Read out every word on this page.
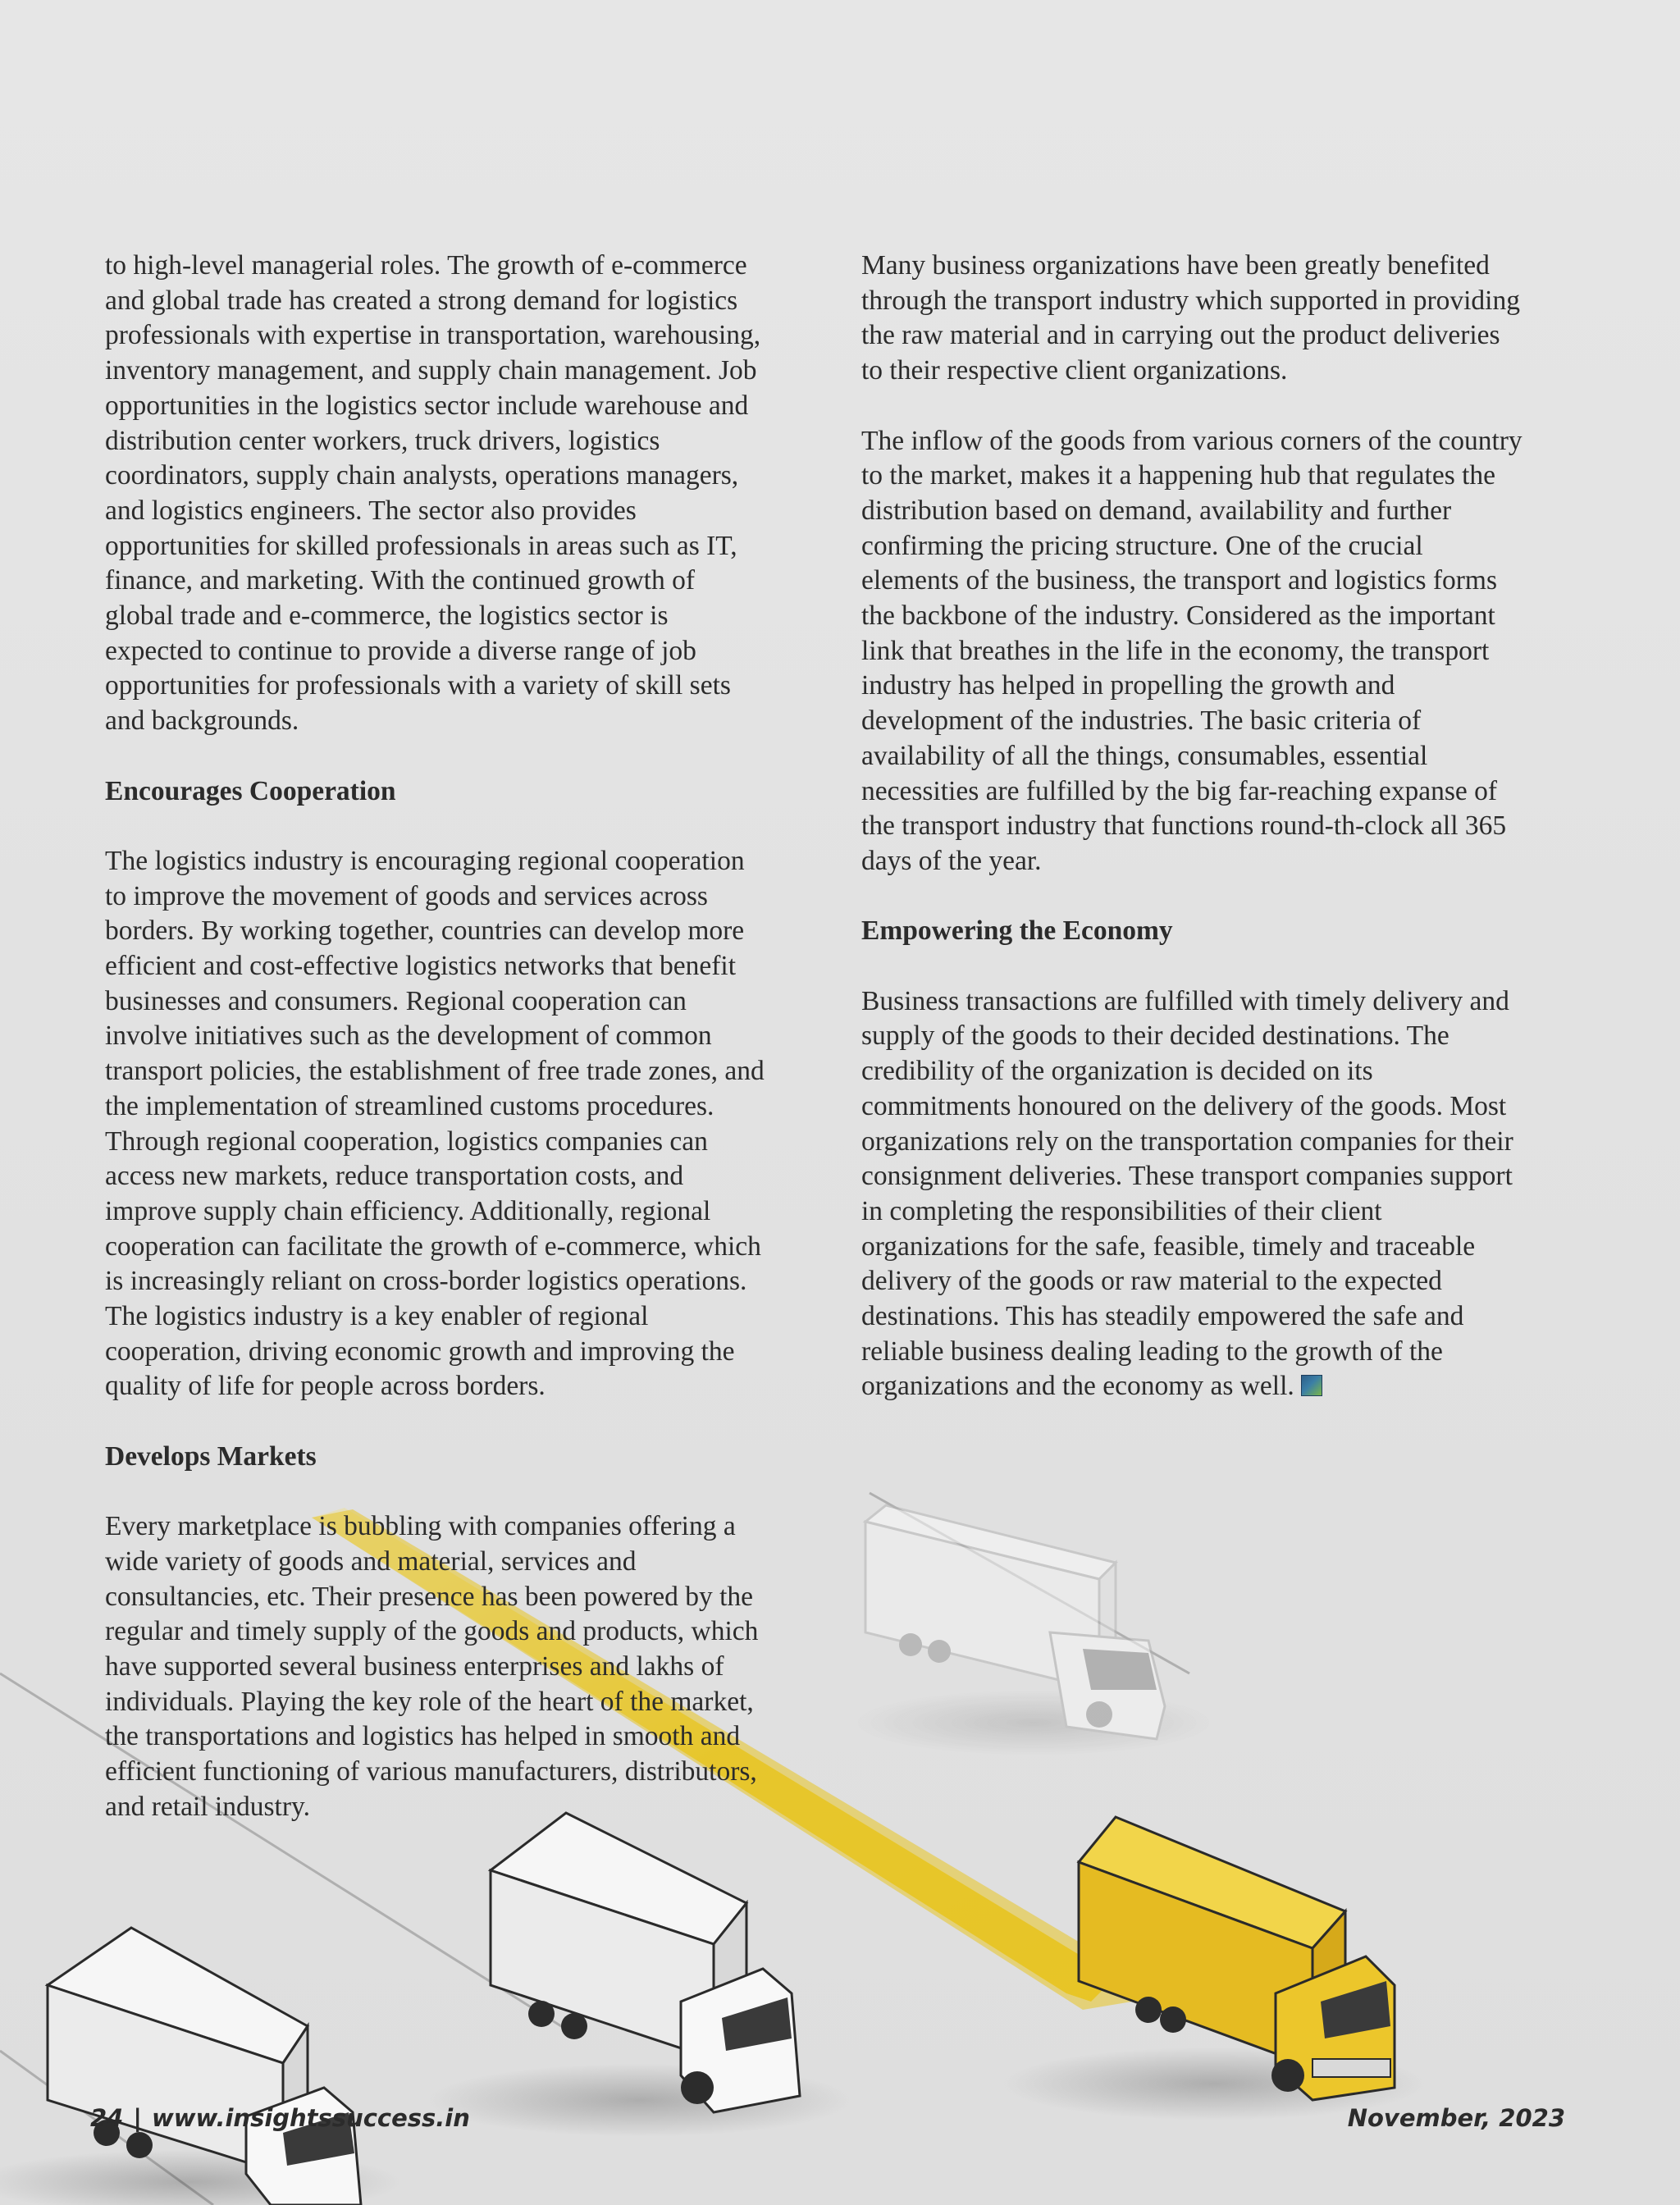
to high-level managerial roles. The growth of e-commerce
and global trade has created a strong demand for logistics
professionals with expertise in transportation, warehousing,
inventory management, and supply chain management. Job
opportunities in the logistics sector include warehouse and
distribution center workers, truck drivers, logistics
coordinators, supply chain analysts, operations managers,
and logistics engineers. The sector also provides
opportunities for skilled professionals in areas such as IT,
finance, and marketing. With the continued growth of
global trade and e-commerce, the logistics sector is
expected to continue to provide a diverse range of job
opportunities for professionals with a variety of skill sets
and backgrounds.
Encourages Cooperation
The logistics industry is encouraging regional cooperation
to improve the movement of goods and services across
borders. By working together, countries can develop more
efficient and cost-effective logistics networks that benefit
businesses and consumers. Regional cooperation can
involve initiatives such as the development of common
transport policies, the establishment of free trade zones, and
the implementation of streamlined customs procedures.
Through regional cooperation, logistics companies can
access new markets, reduce transportation costs, and
improve supply chain efficiency. Additionally, regional
cooperation can facilitate the growth of e-commerce, which
is increasingly reliant on cross-border logistics operations.
The logistics industry is a key enabler of regional
cooperation, driving economic growth and improving the
quality of life for people across borders.
Develops Markets
Every marketplace is bubbling with companies offering a
wide variety of goods and material, services and
consultancies, etc. Their presence has been powered by the
regular and timely supply of the goods and products, which
have supported several business enterprises and lakhs of
individuals. Playing the key role of the heart of the market,
the transportations and logistics has helped in smooth and
efficient functioning of various manufacturers, distributors,
and retail industry.
Many business organizations have been greatly benefited
through the transport industry which supported in providing
the raw material and in carrying out the product deliveries
to their respective client organizations.
The inflow of the goods from various corners of the country
to the market, makes it a happening hub that regulates the
distribution based on demand, availability and further
confirming the pricing structure. One of the crucial
elements of the business, the transport and logistics forms
the backbone of the industry. Considered as the important
link that breathes in the life in the economy, the transport
industry has helped in propelling the growth and
development of the industries. The basic criteria of
availability of all the things, consumables, essential
necessities are fulfilled by the big far-reaching expanse of
the transport industry that functions round-th-clock all 365
days of the year.
Empowering the Economy
Business transactions are fulfilled with timely delivery and
supply of the goods to their decided destinations. The
credibility of the organization is decided on its
commitments honoured on the delivery of the goods. Most
organizations rely on the transportation companies for their
consignment deliveries. These transport companies support
in completing the responsibilities of their client
organizations for the safe, feasible, timely and traceable
delivery of the goods or raw material to the expected
destinations. This has steadily empowered the safe and
reliable business dealing leading to the growth of the
organizations and the economy as well.
24 | www.insightssuccess.in	November, 2023
